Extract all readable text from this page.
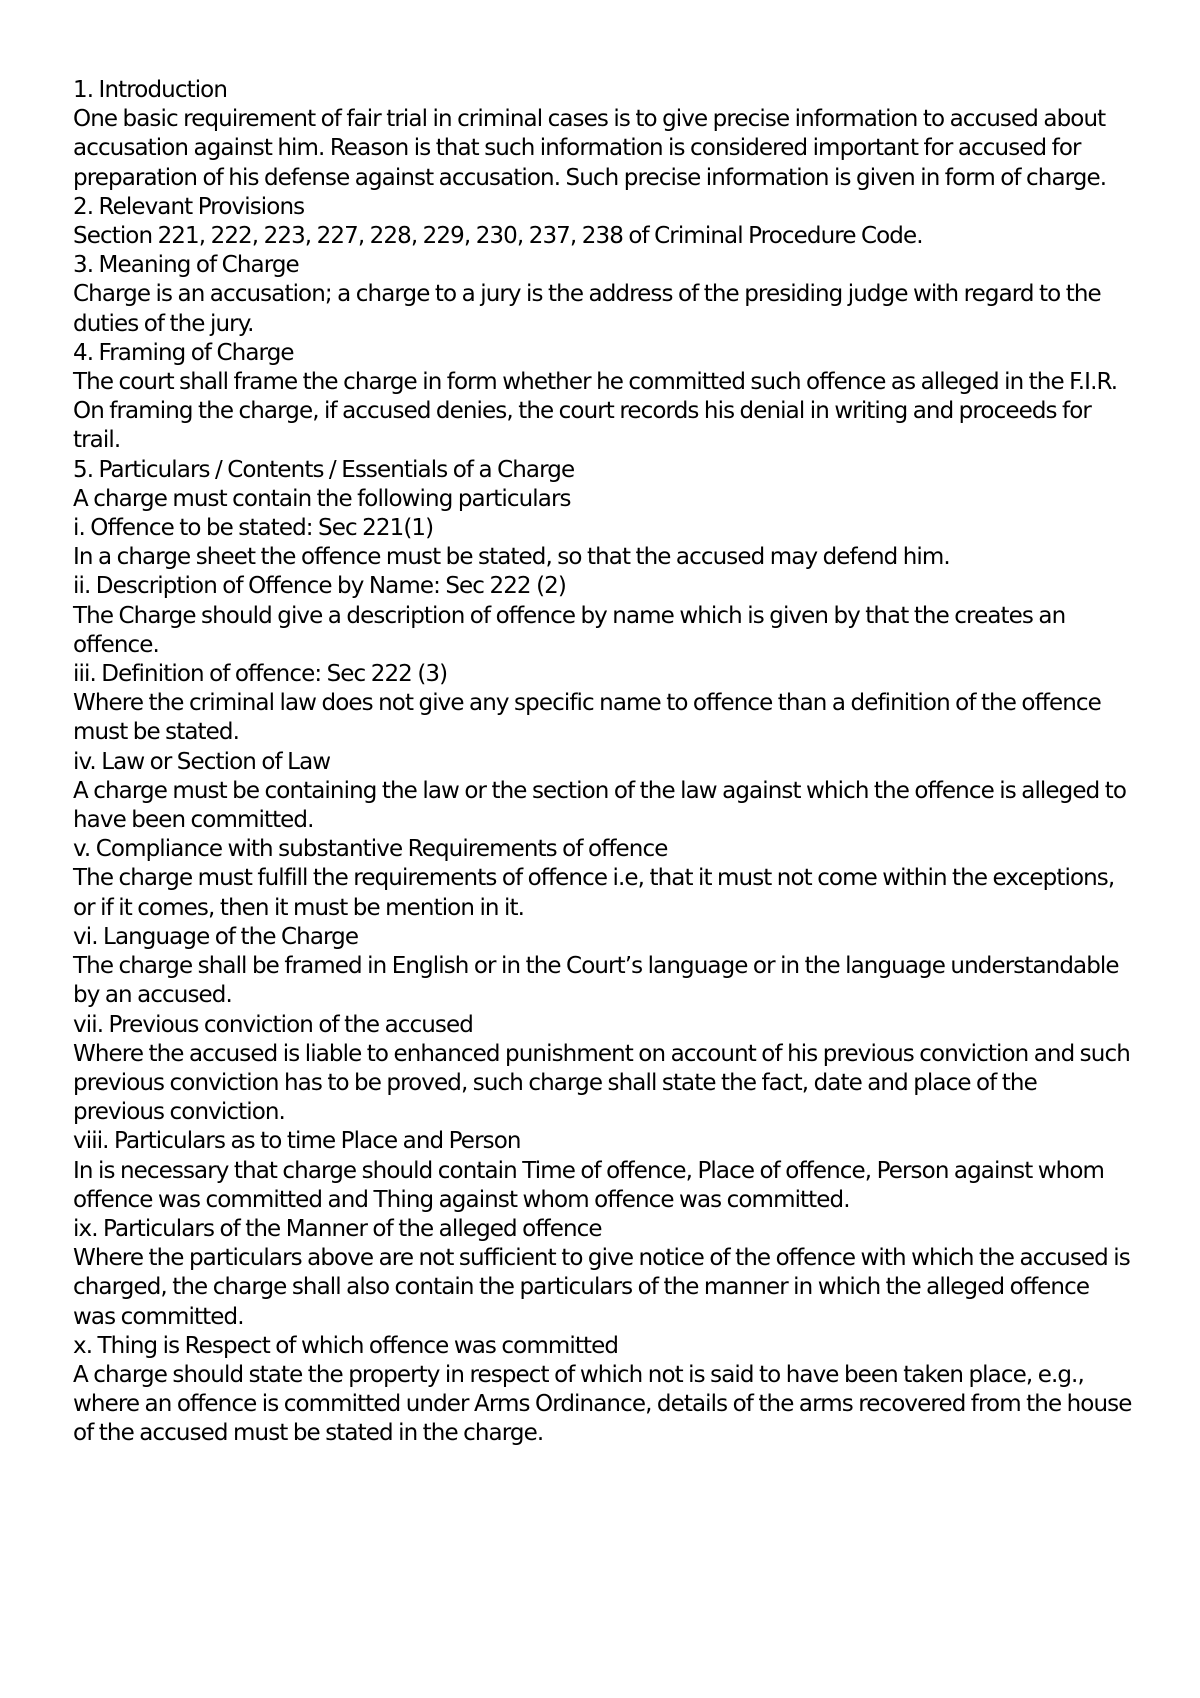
1. Introduction

One basic requirement of fair trial in criminal cases is to give precise information to accused about accusation against him. Reason is that such information is considered important for accused for preparation of his defense against accusation. Such precise information is given in form of charge.

2. Relevant Provisions

Section 221, 222, 223, 227, 228, 229, 230, 237, 238 of Criminal Procedure Code.

3. Meaning of Charge

Charge is an accusation; a charge to a jury is the address of the presiding judge with regard to the duties of the jury.

4. Framing of Charge

The court shall frame the charge in form whether he committed such offence as alleged in the F.I.R. On framing the charge, if accused denies, the court records his denial in writing and proceeds for trail.

5. Particulars / Contents / Essentials of a Charge

A charge must contain the following particulars

i. Offence to be stated: Sec 221(1)

In a charge sheet the offence must be stated, so that the accused may defend him.

ii. Description of Offence by Name: Sec 222 (2)

The Charge should give a description of offence by name which is given by that the creates an offence.

iii. Definition of offence: Sec 222 (3)

Where the criminal law does not give any specific name to offence than a definition of the offence must be stated.

iv. Law or Section of Law

A charge must be containing the law or the section of the law against which the offence is alleged to have been committed.

v. Compliance with substantive Requirements of offence

The charge must fulfill the requirements of offence i.e, that it must not come within the exceptions, or if it comes, then it must be mention in it.

vi. Language of the Charge

The charge shall be framed in English or in the Court’s language or in the language understandable by an accused.

vii. Previous conviction of the accused

Where the accused is liable to enhanced punishment on account of his previous conviction and such previous conviction has to be proved, such charge shall state the fact, date and place of the previous conviction.

viii. Particulars as to time Place and Person

In is necessary that charge should contain Time of offence, Place of offence, Person against whom offence was committed and Thing against whom offence was committed.

ix. Particulars of the Manner of the alleged offence

Where the particulars above are not sufficient to give notice of the offence with which the accused is charged, the charge shall also contain the particulars of the manner in which the alleged offence was committed.

x. Thing is Respect of which offence was committed

A charge should state the property in respect of which not is said to have been taken place, e.g., where an offence is committed under Arms Ordinance, details of the arms recovered from the house of the accused must be stated in the charge.
